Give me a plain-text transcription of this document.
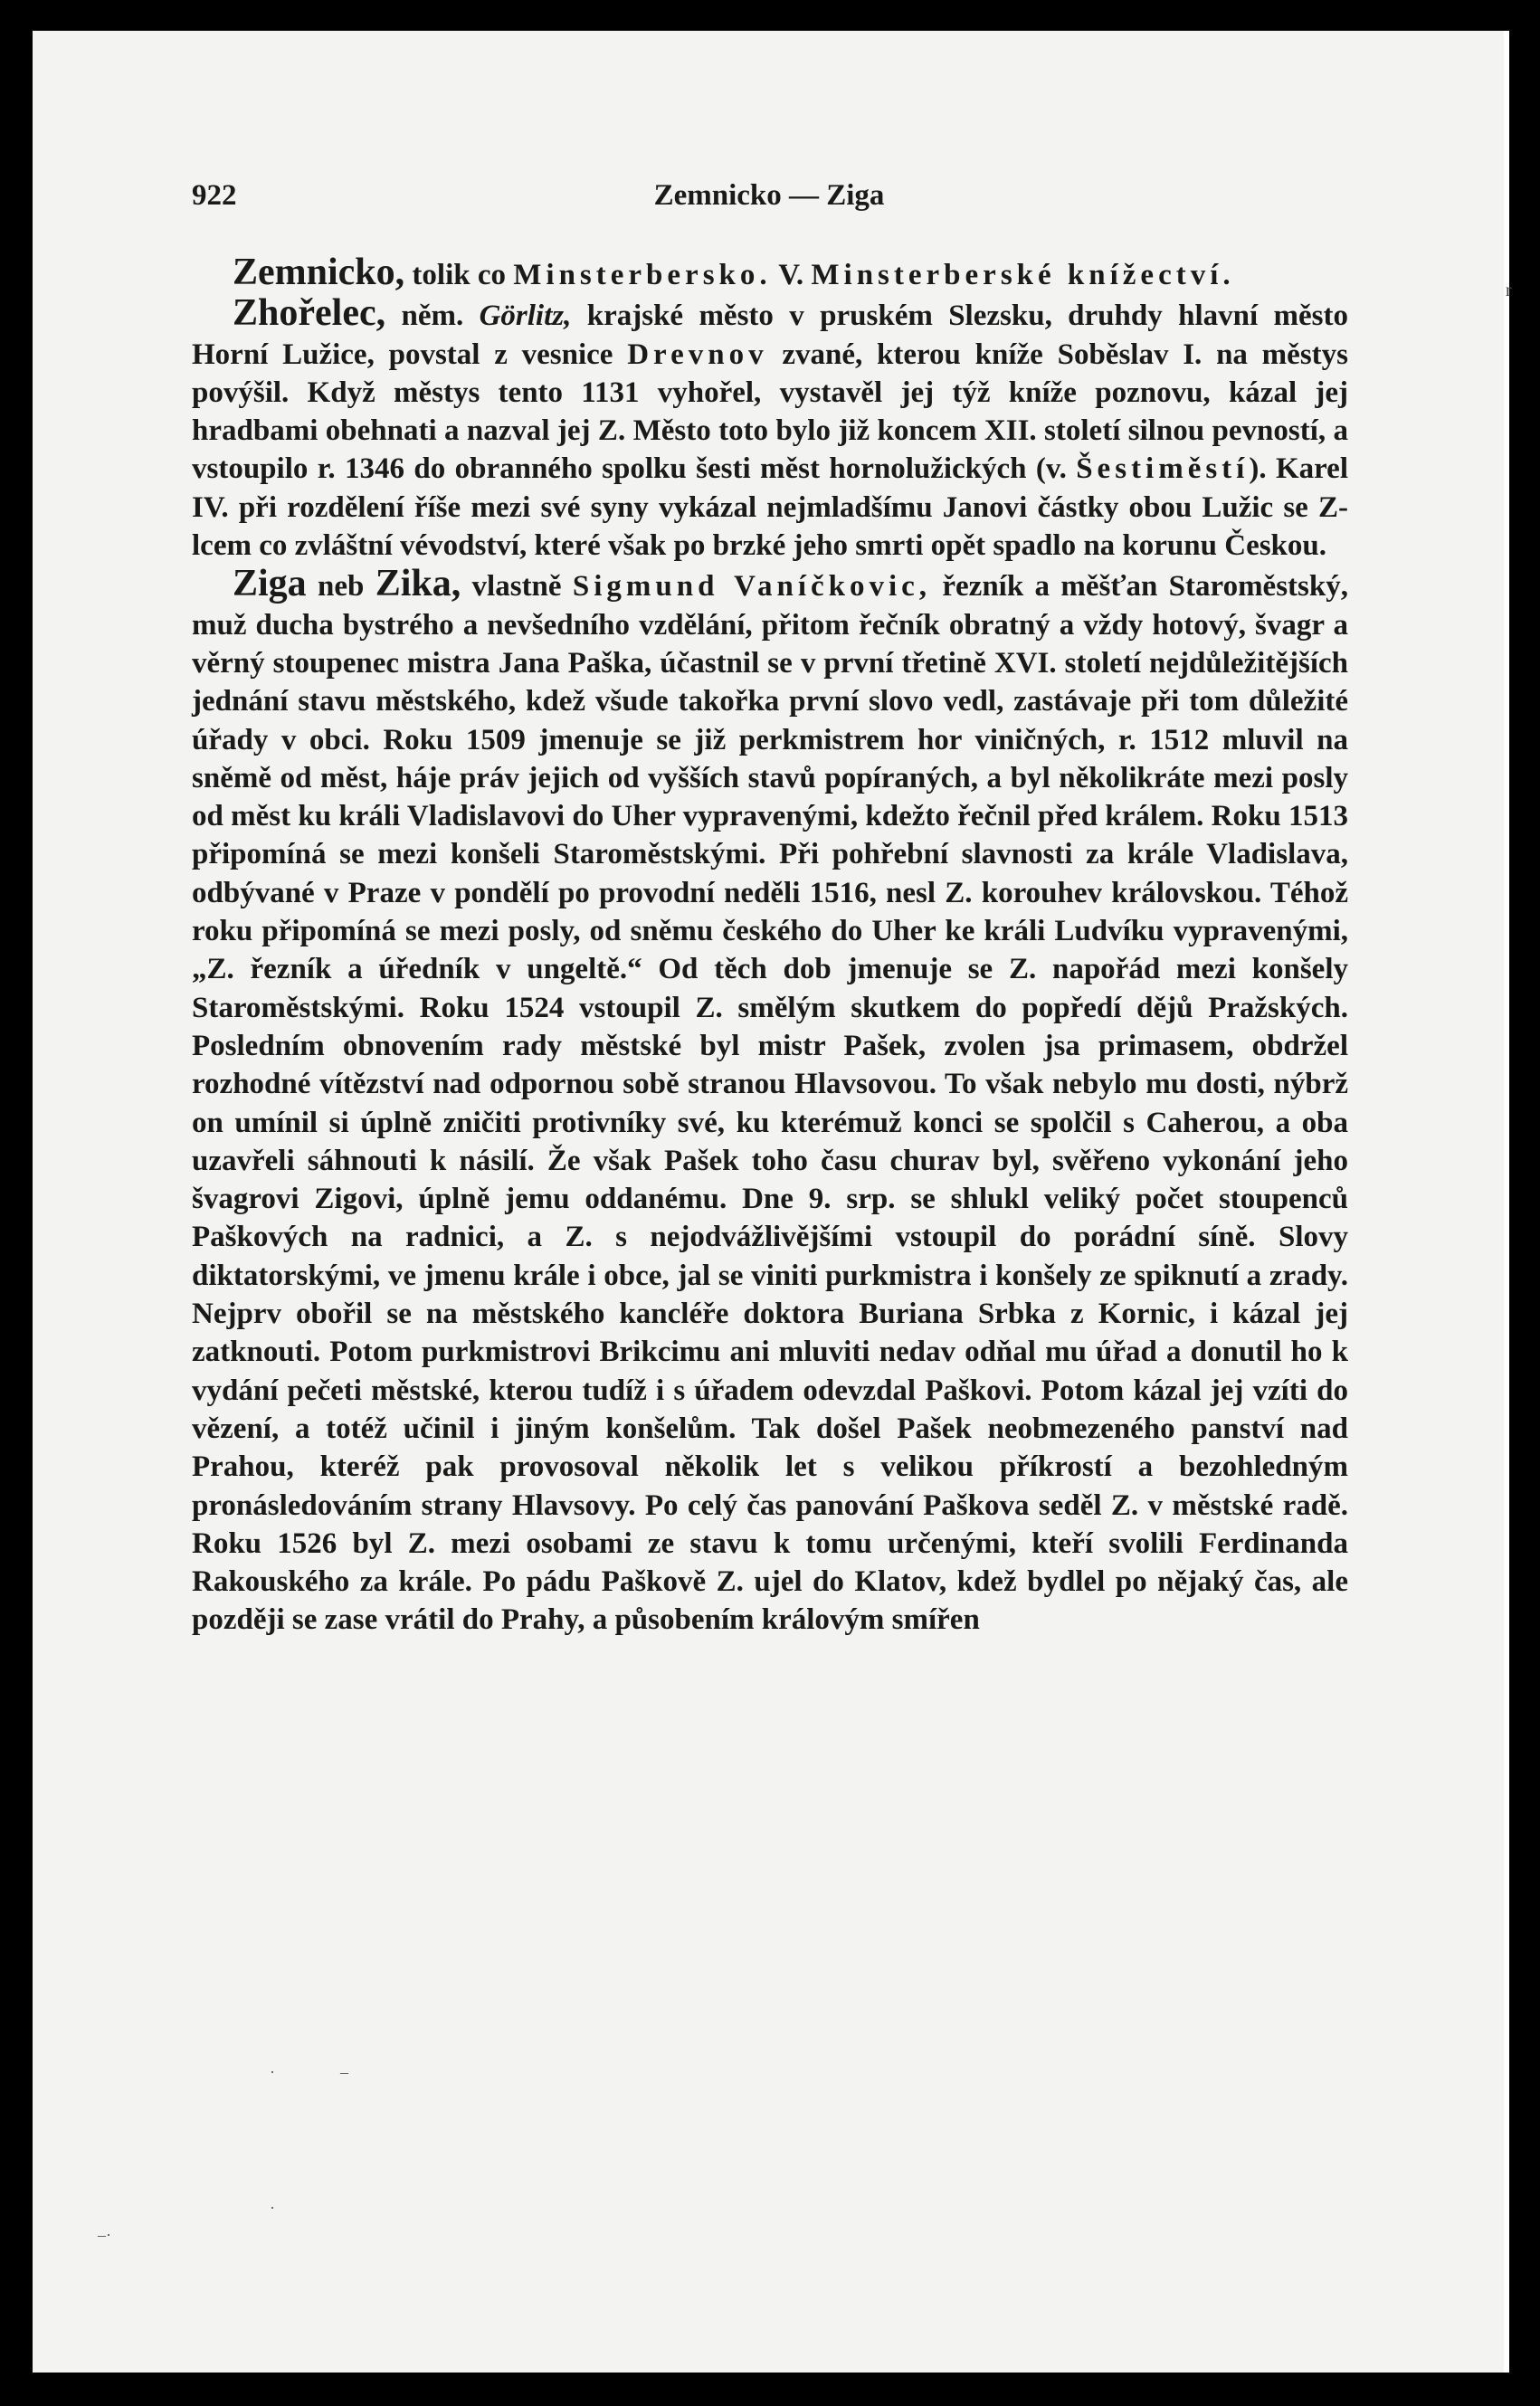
r
922	Zemnicko — Ziga

Zemnicko, tolik co Minsterbersko. V. Minsterberské knížectví.

Zhořelec, něm. Görlitz, krajské město v pruském Slezsku, druhdy hlavní město Horní Lužice, povstal z vesnice Drevnov zvané, kterou kníže Soběslav I. na městys povýšil. Když městys tento 1131 vyhořel, vystavěl jej týž kníže poznovu, kázal jej hradbami obehnati a nazval jej Z. Město toto bylo již koncem XII. století silnou pevností, a vstoupilo r. 1346 do obranného spolku šesti měst hornolužických (v. Šestiměstí). Karel IV. při rozdělení říše mezi své syny vykázal nejmladšímu Janovi částky obou Lužic se Z-lcem co zvláštní vévodství, které však po brzké jeho smrti opět spadlo na korunu Českou.

Ziga neb Zika, vlastně Sigmund Vaníčkovic, řezník a měšťan Staroměstský, muž ducha bystrého a nevšedního vzdělání, přitom řečník obratný a vždy hotový, švagr a věrný stoupenec mistra Jana Paška, účastnil se v první třetině XVI. století nejdůležitějších jednání stavu městského, kdež všude takořka první slovo vedl, zastávaje při tom důležité úřady v obci. Roku 1509 jmenuje se již perkmistrem hor viničných, r. 1512 mluvil na sněmě od měst, háje práv jejich od vyšších stavů popíraných, a byl několikráte mezi posly od měst ku králi Vladislavovi do Uher vypravenými, kdežto řečnil před králem. Roku 1513 připomíná se mezi konšeli Staroměstskými. Při pohřební slavnosti za krále Vladislava, odbývané v Praze v pondělí po provodní neděli 1516, nesl Z. korouhev královskou. Téhož roku připomíná se mezi posly, od sněmu českého do Uher ke králi Ludvíku vypravenými, „Z. řezník a úředník v ungeltě.“ Od těch dob jmenuje se Z. napořád mezi konšely Staroměstskými. Roku 1524 vstoupil Z. smělým skutkem do popředí dějů Pražských. Posledním obnovením rady městské byl mistr Pašek, zvolen jsa primasem, obdržel rozhodné vítězství nad odpornou sobě stranou Hlavsovou. To však nebylo mu dosti, nýbrž on umínil si úplně zničiti protivníky své, ku kterémuž konci se spolčil s Caherou, a oba uzavřeli sáhnouti k násilí. Že však Pašek toho času churav byl, svěřeno vykonání jeho švagrovi Zigovi, úplně jemu oddanému. Dne 9. srp. se shlukl veliký počet stoupenců Paškových na radnici, a Z. s nejodvážlivějšími vstoupil do porádní síně. Slovy diktatorskými, ve jmenu krále i obce, jal se viniti purkmistra i konšely ze spiknutí a zrady. Nejprv obořil se na městského kancléře doktora Buriana Srbka z Kornic, i kázal jej zatknouti. Potom purkmistrovi Brikcimu ani mluviti nedav odňal mu úřad a donutil ho k vydání pečeti městské, kterou tudíž i s úřadem odevzdal Paškovi. Potom kázal jej vzíti do vězení, a totéž učinil i jiným konšelům. Tak došel Pašek neobmezeného panství nad Prahou, kteréž pak provosoval několik let s velikou příkrostí a bezohledným pronásledováním strany Hlavsovy. Po celý čas panování Paškova seděl Z. v městské radě. Roku 1526 byl Z. mezi osobami ze stavu k tomu určenými, kteří svolili Ferdinanda Rakouského za krále. Po pádu Paškově Z. ujel do Klatov, kdež bydlel po nějaký čas, ale později se zase vrátil do Prahy, a působením královým smířen

·                –
·
–·
